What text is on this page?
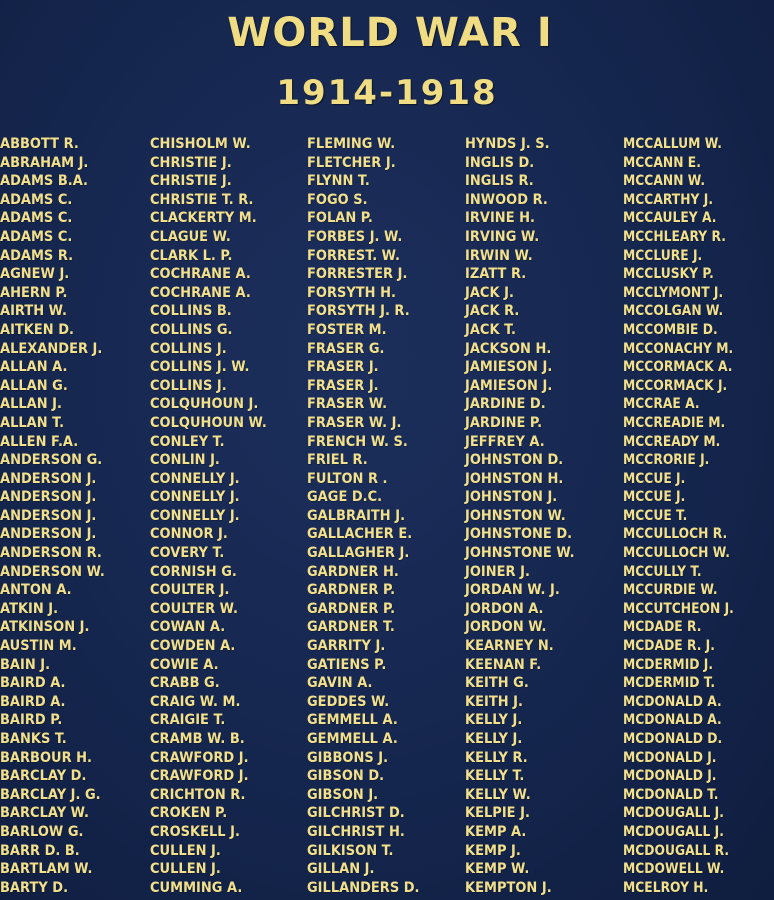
WORLD WAR I
1914-1918
ABBOTT R.
ABRAHAM J.
ADAMS B.A.
ADAMS C.
ADAMS C.
ADAMS C.
ADAMS R.
AGNEW J.
AHERN P.
AIRTH W.
AITKEN D.
ALEXANDER J.
ALLAN A.
ALLAN G.
ALLAN J.
ALLAN T.
ALLEN F.A.
ANDERSON G.
ANDERSON J.
ANDERSON J.
ANDERSON J.
ANDERSON J.
ANDERSON R.
ANDERSON W.
ANTON A.
ATKIN J.
ATKINSON J.
AUSTIN M.
BAIN J.
BAIRD A.
BAIRD A.
BAIRD P.
BANKS T.
BARBOUR H.
BARCLAY D.
BARCLAY J. G.
BARCLAY W.
BARLOW G.
BARR D. B.
BARTLAM W.
BARTY D.
CHISHOLM W.
CHRISTIE J.
CHRISTIE J.
CHRISTIE T. R.
CLACKERTY M.
CLAGUE W.
CLARK L. P.
COCHRANE A.
COCHRANE A.
COLLINS B.
COLLINS G.
COLLINS J.
COLLINS J. W.
COLLINS J.
COLQUHOUN J.
COLQUHOUN W.
CONLEY T.
CONLIN J.
CONNELLY J.
CONNELLY J.
CONNELLY J.
CONNOR J.
COVERY T.
CORNISH G.
COULTER J.
COULTER W.
COWAN A.
COWDEN A.
COWIE A.
CRABB G.
CRAIG W. M.
CRAIGIE T.
CRAMB W. B.
CRAWFORD J.
CRAWFORD J.
CRICHTON R.
CROKEN P.
CROSKELL J.
CULLEN J.
CULLEN J.
CUMMING A.
FLEMING W.
FLETCHER J.
FLYNN T.
FOGO S.
FOLAN P.
FORBES J. W.
FORREST. W.
FORRESTER J.
FORSYTH H.
FORSYTH J. R.
FOSTER M.
FRASER G.
FRASER J.
FRASER J.
FRASER W.
FRASER W. J.
FRENCH W. S.
FRIEL R.
FULTON R .
GAGE D.C.
GALBRAITH J.
GALLACHER E.
GALLAGHER J.
GARDNER H.
GARDNER P.
GARDNER P.
GARDNER T.
GARRITY J.
GATIENS P.
GAVIN A.
GEDDES W.
GEMMELL A.
GEMMELL A.
GIBBONS J.
GIBSON D.
GIBSON J.
GILCHRIST D.
GILCHRIST H.
GILKISON T.
GILLAN J.
GILLANDERS D.
HYNDS J. S.
INGLIS D.
INGLIS R.
INWOOD R.
IRVINE H.
IRVING W.
IRWIN W.
IZATT R.
JACK J.
JACK R.
JACK T.
JACKSON H.
JAMIESON J.
JAMIESON J.
JARDINE D.
JARDINE P.
JEFFREY A.
JOHNSTON D.
JOHNSTON H.
JOHNSTON J.
JOHNSTON W.
JOHNSTONE D.
JOHNSTONE W.
JOINER J.
JORDAN W. J.
JORDON A.
JORDON W.
KEARNEY N.
KEENAN F.
KEITH G.
KEITH J.
KELLY J.
KELLY J.
KELLY R.
KELLY T.
KELLY W.
KELPIE J.
KEMP A.
KEMP J.
KEMP W.
KEMPTON J.
MCCALLUM W.
MCCANN E.
MCCANN W.
MCCARTHY J.
MCCAULEY A.
MCCHLEARY R.
MCCLURE J.
MCCLUSKY P.
MCCLYMONT J.
MCCOLGAN W.
MCCOMBIE D.
MCCONACHY M.
MCCORMACK A.
MCCORMACK J.
MCCRAE A.
MCCREADIE M.
MCCREADY M.
MCCRORIE J.
MCCUE J.
MCCUE J.
MCCUE T.
MCCULLOCH R.
MCCULLOCH W.
MCCULLY T.
MCCURDIE W.
MCCUTCHEON J.
MCDADE R.
MCDADE R. J.
MCDERMID J.
MCDERMID T.
MCDONALD A.
MCDONALD A.
MCDONALD D.
MCDONALD J.
MCDONALD J.
MCDONALD T.
MCDOUGALL J.
MCDOUGALL J.
MCDOUGALL R.
MCDOWELL W.
MCELROY H.
